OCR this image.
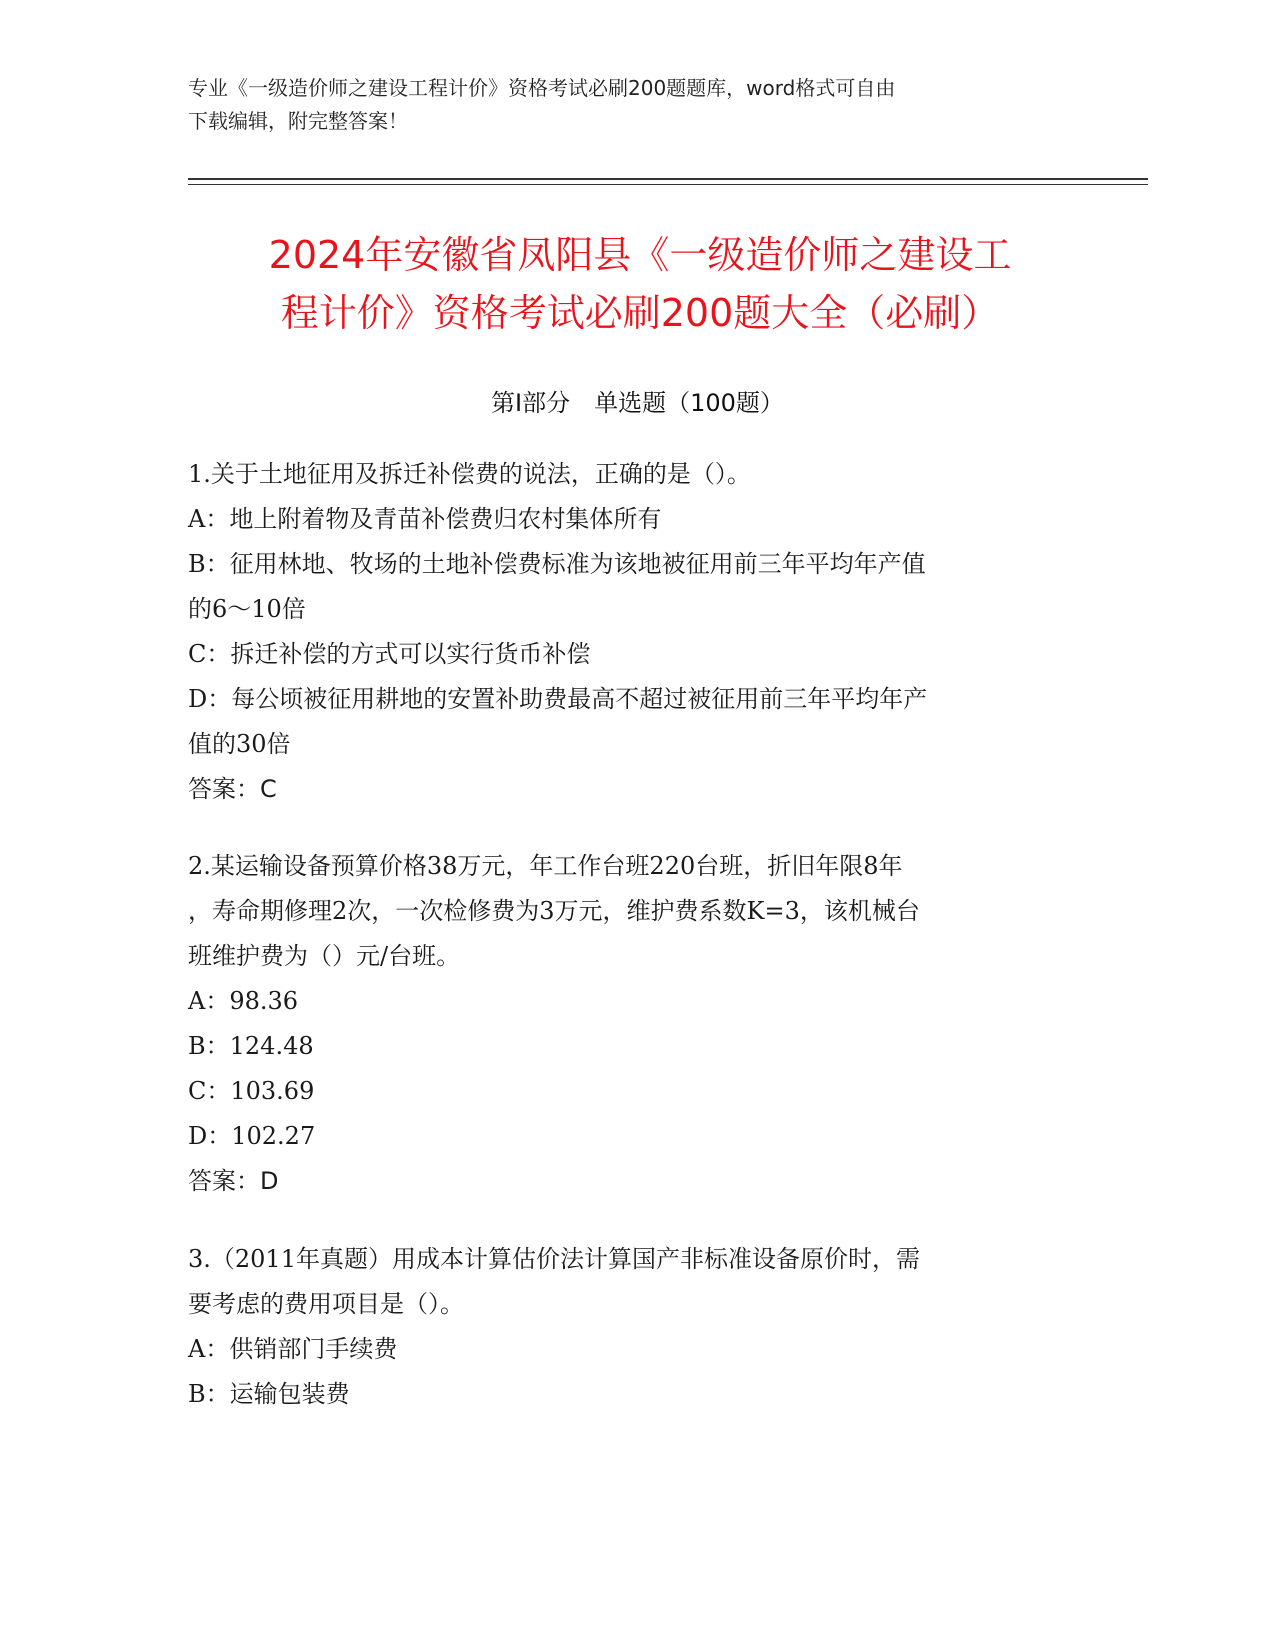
专业《一级造价师之建设工程计价》资格考试必刷200题题库，word格式可自由
下载编辑，附完整答案！
2024年安徽省凤阳县《一级造价师之建设工
程计价》资格考试必刷200题大全（必刷）
第Ⅰ部分　单选题（100题）

1.关于土地征用及拆迁补偿费的说法，正确的是（）。

A：地上附着物及青苗补偿费归农村集体所有

B：征用林地、牧场的土地补偿费标准为该地被征用前三年平均年产值

的6～10倍

C：拆迁补偿的方式可以实行货币补偿

D：每公顷被征用耕地的安置补助费最高不超过被征用前三年平均年产

值的30倍

答案：C

2.某运输设备预算价格38万元，年工作台班220台班，折旧年限8年

，寿命期修理2次，一次检修费为3万元，维护费系数K=3，该机械台

班维护费为（）元/台班。

A：98.36

B：124.48

C：103.69

D：102.27

答案：D

3.（2011年真题）用成本计算估价法计算国产非标准设备原价时，需

要考虑的费用项目是（）。

A：供销部门手续费

B：运输包装费
